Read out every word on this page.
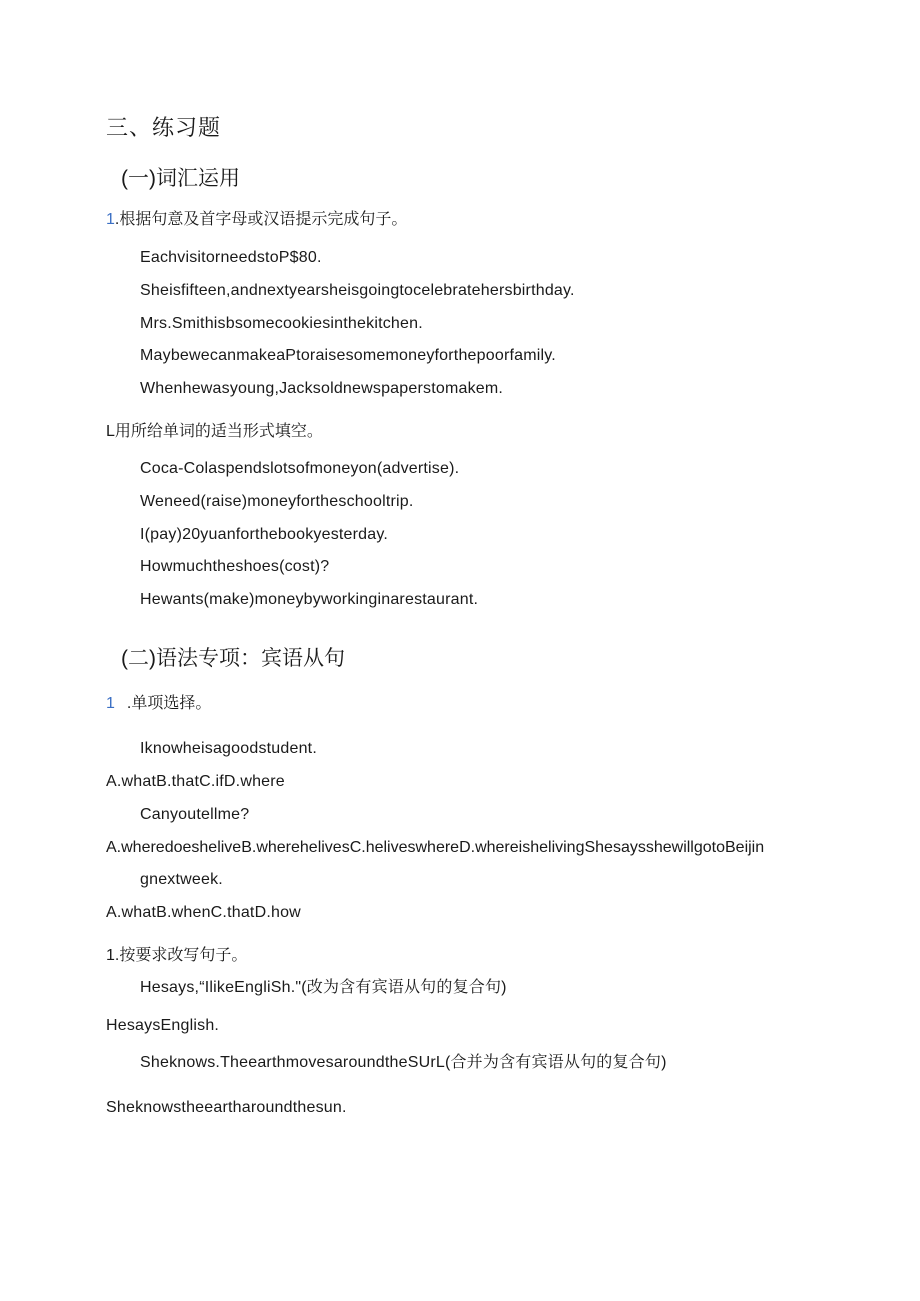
三、练习题
(一)词汇运用
1.根据句意及首字母或汉语提示完成句子。
EachvisitorneedstoP$80.
Sheisfifteen,andnextyearsheisgoingtocelebratehersbirthday.
Mrs.Smithisbsomecookiesinthekitchen.
MaybewecanmakeaPtoraisesomemoneyforthepoorfamily.
Whenhewasyoung,Jacksoldnewspaperstomakem.
L用所给单词的适当形式填空。
Coca-Colaspendslotsofmoneyon(advertise).
Weneed(raise)moneyfortheschooltrip.
I(pay)20yuanforthebookyesterday.
Howmuchtheshoes(cost)?
Hewants(make)moneybyworkinginarestaurant.
(二)语法专项：宾语从句
1 .单项选择。
Iknowheisagoodstudent.
A.whatB.thatC.ifD.where
Canyoutellme?
A.wheredoesheliveB.wherehelivesC.heliveswhereD.whereishelivingShesaysshewillgotoBeijin
gnextweek.
A.whatB.whenC.thatD.how
1.按要求改写句子。
Hesays,“IlikeEngliSh."(改为含有宾语从句的复合句)
HesaysEnglish.
Sheknows.TheearthmovesaroundtheSUrL(合并为含有宾语从句的复合句)
Sheknowstheeartharoundthesun.
